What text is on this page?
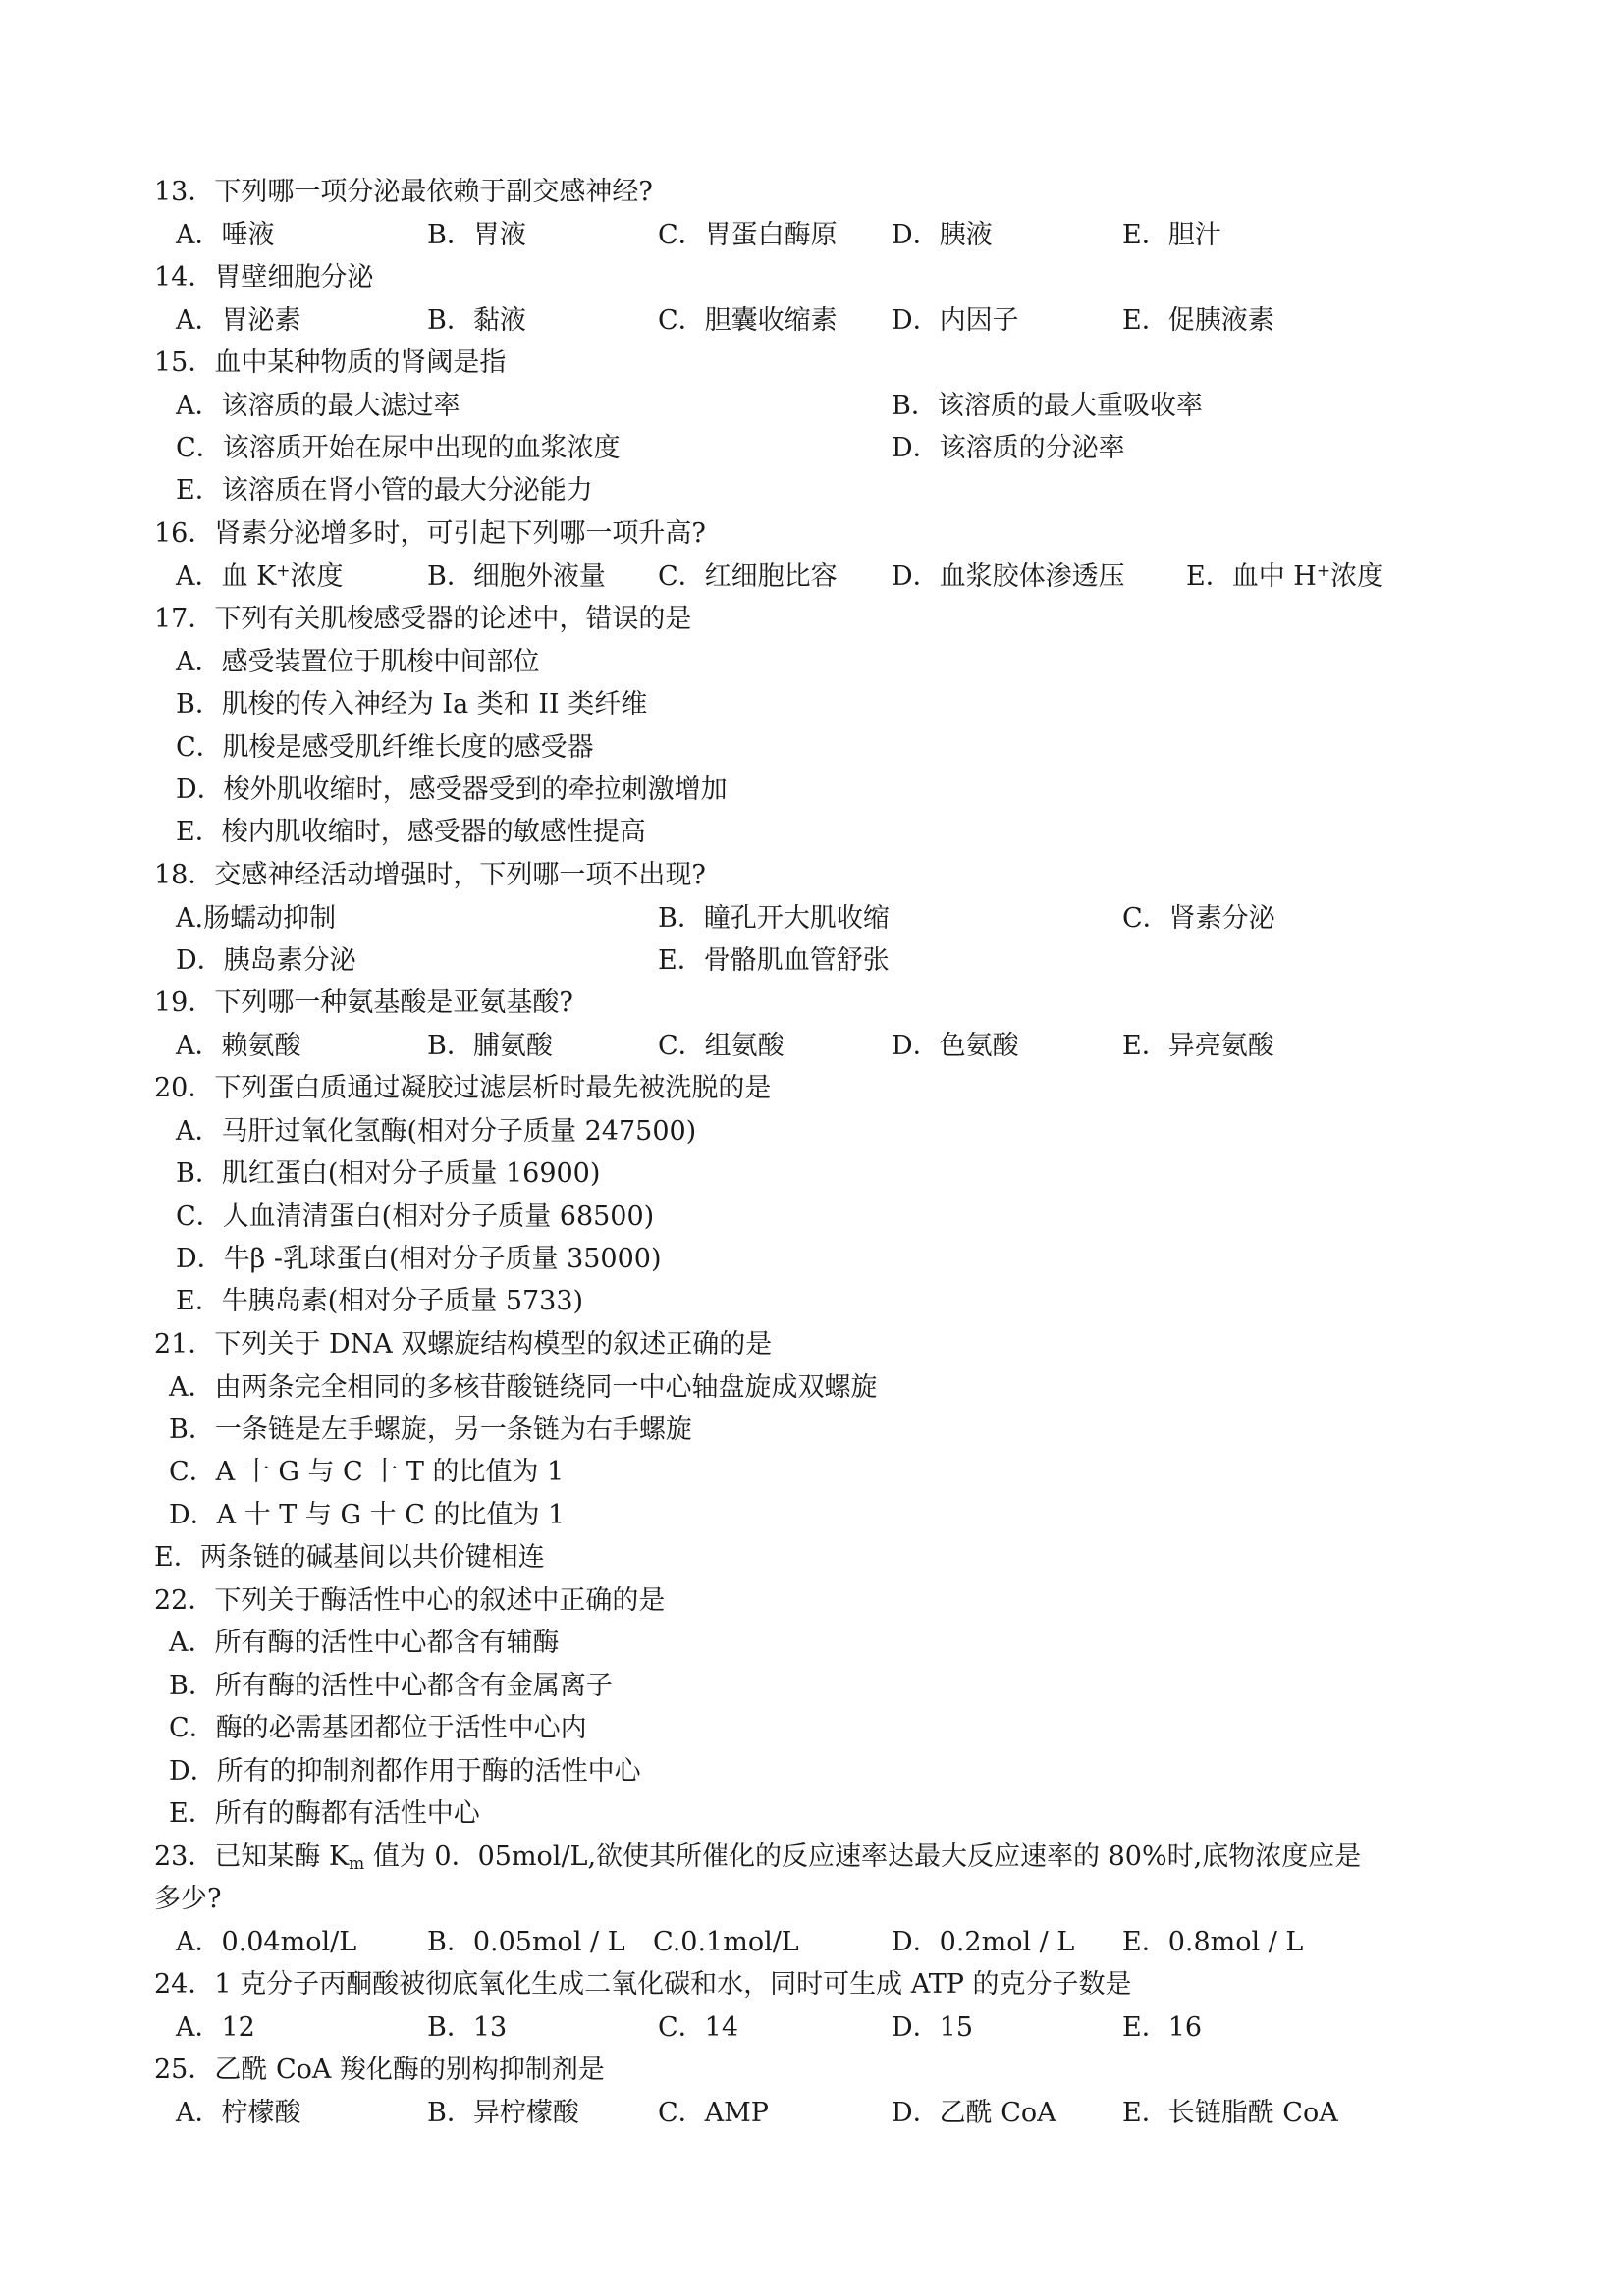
13．下列哪一项分泌最依赖于副交感神经?
A．唾液	B．胃液	C．胃蛋白酶原 D．胰液	E．胆汁
14．胃壁细胞分泌
A．胃泌素	B．黏液	C．胆囊收缩素 D．内因子	E．促胰液素
15．血中某种物质的肾阈是指
A．该溶质的最大滤过率	B．该溶质的最大重吸收率
C．该溶质开始在尿中出现的血浆浓度	D．该溶质的分泌率
E．该溶质在肾小管的最大分泌能力
16．肾素分泌增多时，可引起下列哪一项升高?
A．血 K+浓度	B．细胞外液量 C．红细胞比容 D．血浆胶体渗透压 E．血中 H+浓度
17．下列有关肌梭感受器的论述中，错误的是
A．感受装置位于肌梭中间部位
B．肌梭的传入神经为 Ia 类和 II 类纤维
C．肌梭是感受肌纤维长度的感受器
D．梭外肌收缩时，感受器受到的牵拉刺激增加
E．梭内肌收缩时，感受器的敏感性提高
18．交感神经活动增强时，下列哪一项不出现?
A.肠蠕动抑制	B．瞳孔开大肌收缩	C．肾素分泌
D．胰岛素分泌	E．骨骼肌血管舒张
19．下列哪一种氨基酸是亚氨基酸?
A．赖氨酸	B．脯氨酸	C．组氨酸	D．色氨酸	E．异亮氨酸
20．下列蛋白质通过凝胶过滤层析时最先被洗脱的是
A．马肝过氧化氢酶(相对分子质量 247500)
B．肌红蛋白(相对分子质量 16900)
C．人血清清蛋白(相对分子质量 68500)
D．牛β -乳球蛋白(相对分子质量 35000)
E．牛胰岛素(相对分子质量 5733)
21．下列关于 DNA 双螺旋结构模型的叙述正确的是
A．由两条完全相同的多核苷酸链绕同一中心轴盘旋成双螺旋
B．一条链是左手螺旋，另一条链为右手螺旋
C．A 十 G 与 C 十 T 的比值为 1
D．A 十 T 与 G 十 C 的比值为 1
E．两条链的碱基间以共价键相连
22．下列关于酶活性中心的叙述中正确的是
A．所有酶的活性中心都含有辅酶
B．所有酶的活性中心都含有金属离子
C．酶的必需基团都位于活性中心内
D．所有的抑制剂都作用于酶的活性中心
E．所有的酶都有活性中心
23．已知某酶 $K_m$ 值为 0．05mol/L,欲使其所催化的反应速率达最大反应速率的 80%时,底物浓度应是
多少?
A．0.04mol/L	B．0.05mol / L C.0.1mol/L	D．0.2mol / L E．0.8mol / L
24．1 克分子丙酮酸被彻底氧化生成二氧化碳和水，同时可生成 ATP 的克分子数是
A．12	B．13	C．14	D．15	E．16
25．乙酰 CoA 羧化酶的别构抑制剂是
A．柠檬酸	B．异柠檬酸	C．AMP	D．乙酰 CoA E．长链脂酰 CoA
